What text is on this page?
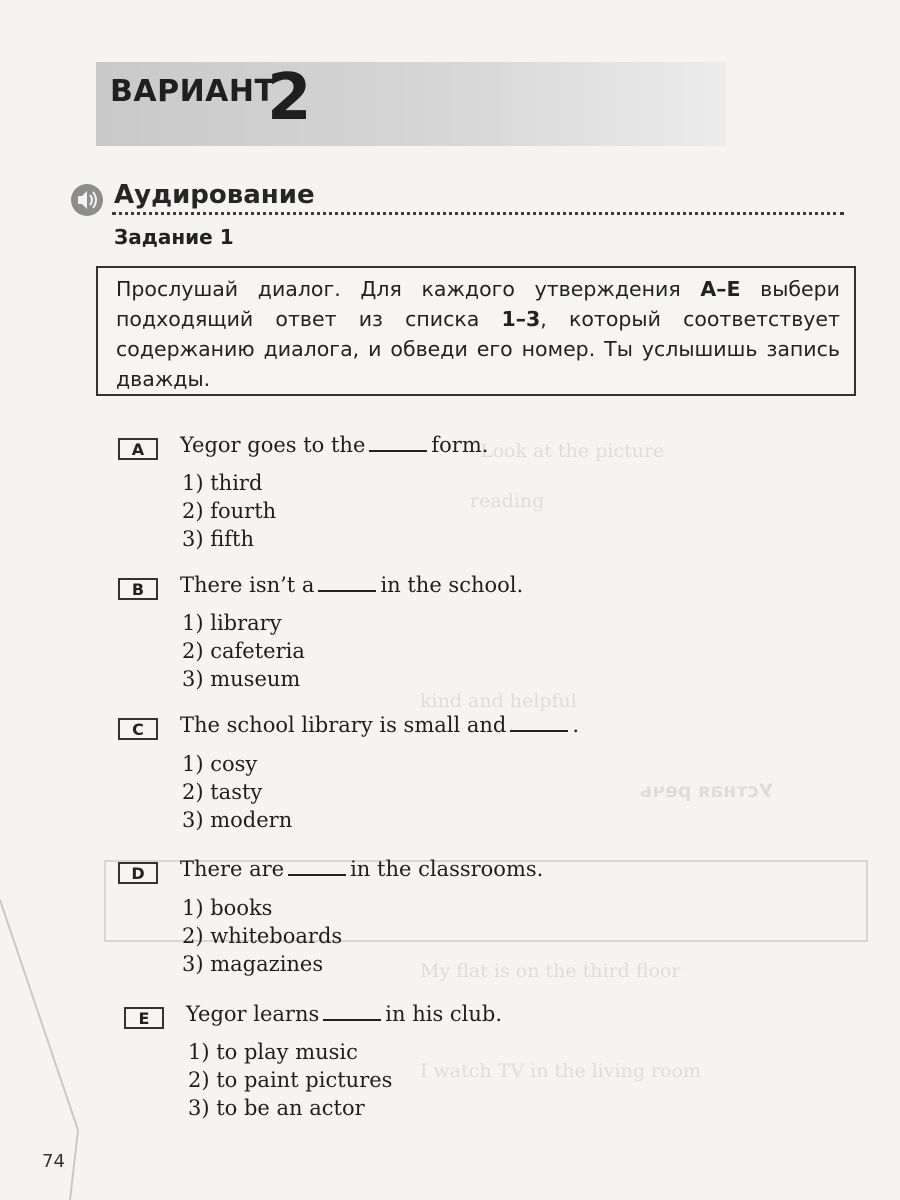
Look at the picture
reading
kind and helpful
Устная речь
My flat is on the third floor
I watch TV in the living room
ВАРИАНТ
2
Аудирование
Задание 1
Прослушай диалог. Для каждого утверждения A–E выбери подходящий ответ из списка 1–3, который соответствует содержанию диалога, и обведи его номер. Ты услышишь запись дважды.
A	Yegor goes to the	form.
1) third
2) fourth
3) fifth
B	There isn’t a	in the school.
1) library
2) cafeteria
3) museum
C	The school library is small and	.
1) cosy
2) tasty
3) modern
D	There are	in the classrooms.
1) books
2) whiteboards
3) magazines
E	Yegor learns	in his club.
1) to play music
2) to paint pictures
3) to be an actor
74
